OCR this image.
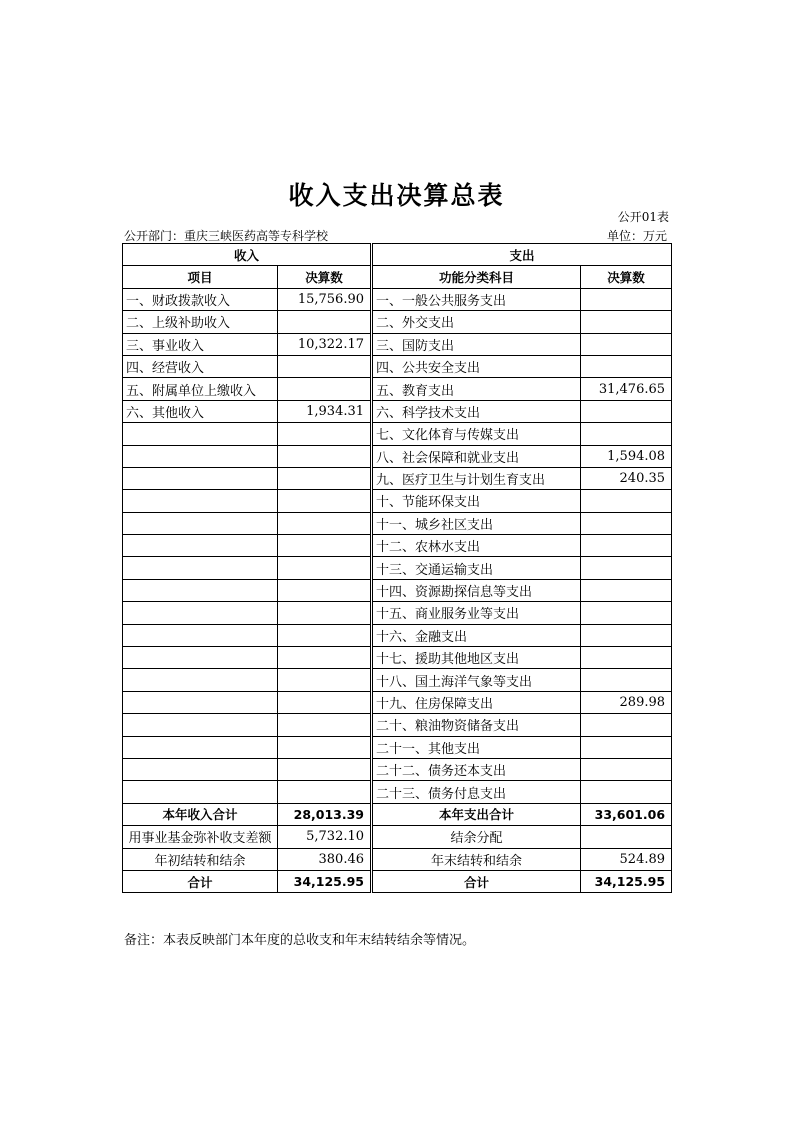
收入支出决算总表
公开01表
公开部门：重庆三峡医药高等专科学校	单位：万元
收入		支出	
项目	决算数	功能分类科目	决算数
一、财政拨款收入	15,756.90	一、一般公共服务支出	
二、上级补助收入		二、外交支出	
三、事业收入	10,322.17	三、国防支出	
四、经营收入		四、公共安全支出	
五、附属单位上缴收入		五、教育支出	31,476.65
六、其他收入	1,934.31	六、科学技术支出	
		七、文化体育与传媒支出	
		八、社会保障和就业支出	1,594.08
		九、医疗卫生与计划生育支出	240.35
		十、节能环保支出	
		十一、城乡社区支出	
		十二、农林水支出	
		十三、交通运输支出	
		十四、资源勘探信息等支出	
		十五、商业服务业等支出	
		十六、金融支出	
		十七、援助其他地区支出	
		十八、国土海洋气象等支出	
		十九、住房保障支出	289.98
		二十、粮油物资储备支出	
		二十一、其他支出	
		二十二、债务还本支出	
		二十三、债务付息支出	
本年收入合计	28,013.39	本年支出合计	33,601.06
用事业基金弥补收支差额	5,732.10	结余分配	
年初结转和结余	380.46	年末结转和结余	524.89
合计	34,125.95	合计	34,125.95
备注：本表反映部门本年度的总收支和年末结转结余等情况。
